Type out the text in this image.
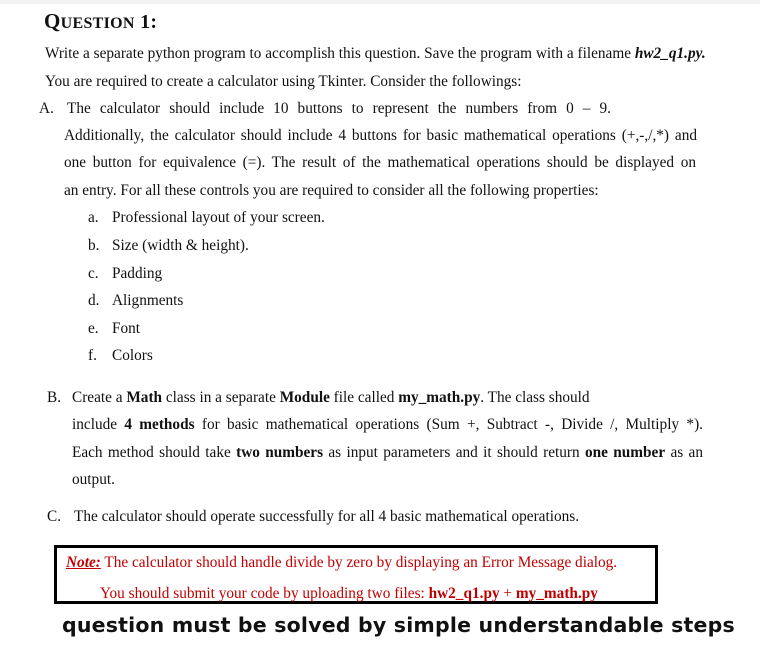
QUESTION 1:
Write a separate python program to accomplish this question. Save the program with a filename hw2_q1.py.
You are required to create a calculator using Tkinter. Consider the followings:
A. The calculator should include 10 buttons to represent the numbers from 0 – 9.
Additionally, the calculator should include 4 buttons for basic mathematical operations (+,-,/,*) and
one button for equivalence (=). The result of the mathematical operations should be displayed on
an entry. For all these controls you are required to consider all the following properties:
a. Professional layout of your screen.
b. Size (width & height).
c. Padding
d. Alignments
e. Font
f. Colors
B. Create a Math class in a separate Module file called my_math.py. The class should
include 4 methods for basic mathematical operations (Sum +, Subtract -, Divide /, Multiply *).
Each method should take two numbers as input parameters and it should return one number as an
output.
C. The calculator should operate successfully for all 4 basic mathematical operations.
Note: The calculator should handle divide by zero by displaying an Error Message dialog.
You should submit your code by uploading two files: hw2_q1.py + my_math.py
question must be solved by simple understandable steps
